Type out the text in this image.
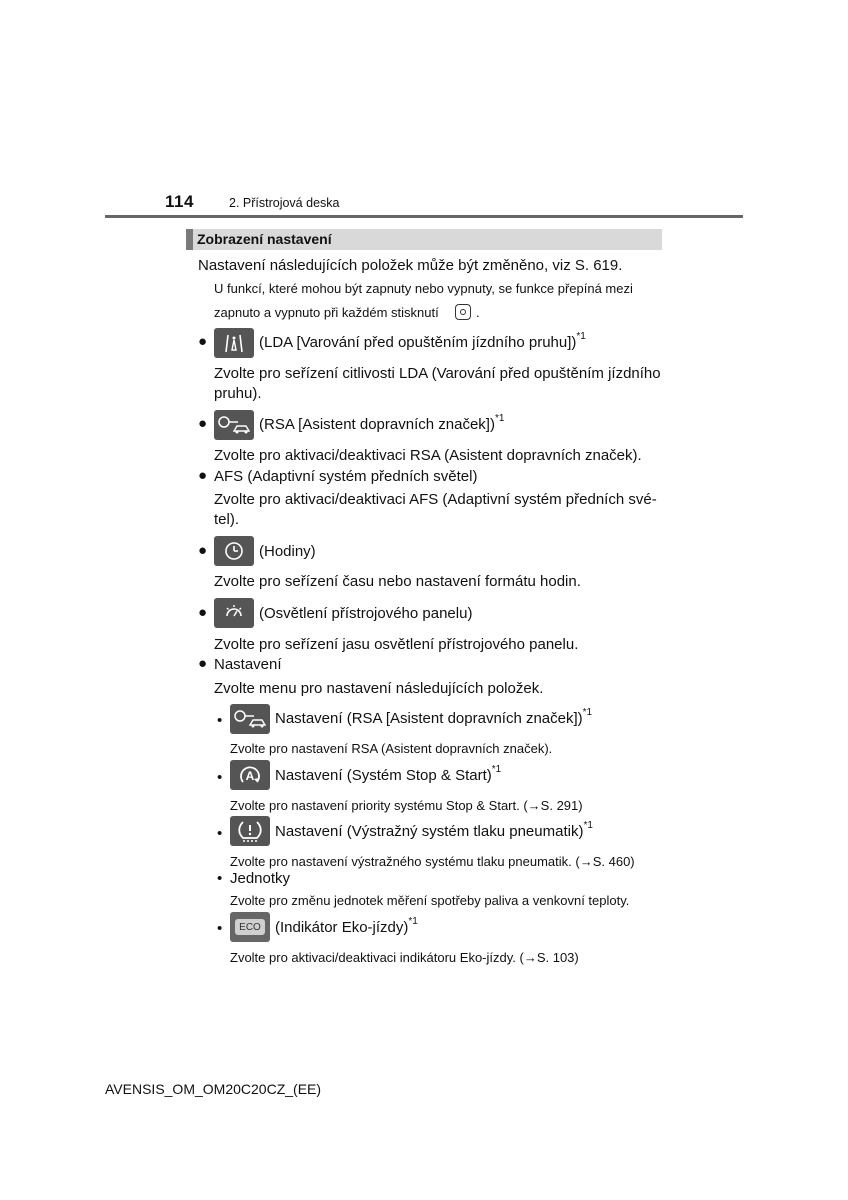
114	2. Přístrojová deska
Zobrazení nastavení
Nastavení následujících položek může být změněno, viz S. 619.
U funkcí, které mohou být zapnuty nebo vypnuty, se funkce přepíná mezi
zapnuto a vypnuto při každém stisknutí	.
●	(LDA [Varování před opuštěním jízdního pruhu])$^{*1}$
Zvolte pro seřízení citlivosti LDA (Varování před opuštěním jízdního
pruhu).
●	(RSA [Asistent dopravních značek])$^{*1}$
Zvolte pro aktivaci/deaktivaci RSA (Asistent dopravních značek).
● AFS (Adaptivní systém předních světel)
Zvolte pro aktivaci/deaktivaci AFS (Adaptivní systém předních své-
tel).
●	(Hodiny)
Zvolte pro seřízení času nebo nastavení formátu hodin.
●	(Osvětlení přístrojového panelu)
Zvolte pro seřízení jasu osvětlení přístrojového panelu.
● Nastavení
Zvolte menu pro nastavení následujících položek.
•	Nastavení (RSA [Asistent dopravních značek])$^{*1}$
Zvolte pro nastavení RSA (Asistent dopravních značek).
• A Nastavení (Systém Stop & Start)$^{*1}$
Zvolte pro nastavení priority systému Stop & Start. (→S. 291)
•	Nastavení (Výstražný systém tlaku pneumatik)$^{*1}$
Zvolte pro nastavení výstražného systému tlaku pneumatik. (→S. 460)
• Jednotky
Zvolte pro změnu jednotek měření spotřeby paliva a venkovní teploty.
•	ECO (Indikátor Eko-jízdy)$^{*1}$
Zvolte pro aktivaci/deaktivaci indikátoru Eko-jízdy. (→S. 103)
AVENSIS_OM_OM20C20CZ_(EE)
